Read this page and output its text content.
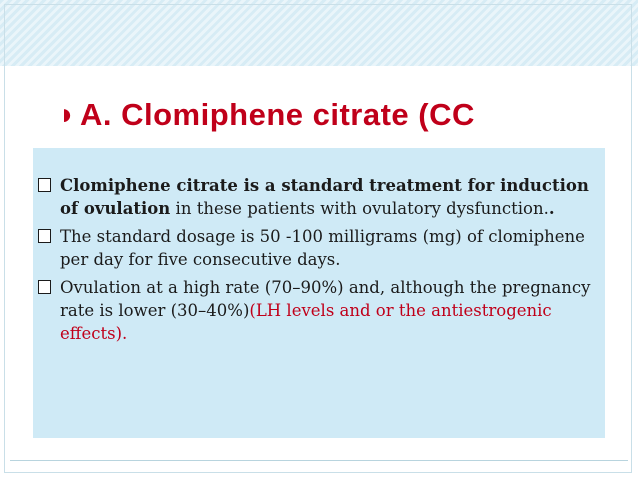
◗ A. Clomiphene citrate (CC
Clomiphene citrate is a standard treatment for induction of ovulation in these patients with ovulatory dysfunction..
The standard dosage is 50 -100 milligrams (mg) of clomiphene per day for five consecutive days.
Ovulation at a high rate (70–90%) and, although the pregnancy rate is lower (30–40%)(LH levels and or the antiestrogenic effects).
